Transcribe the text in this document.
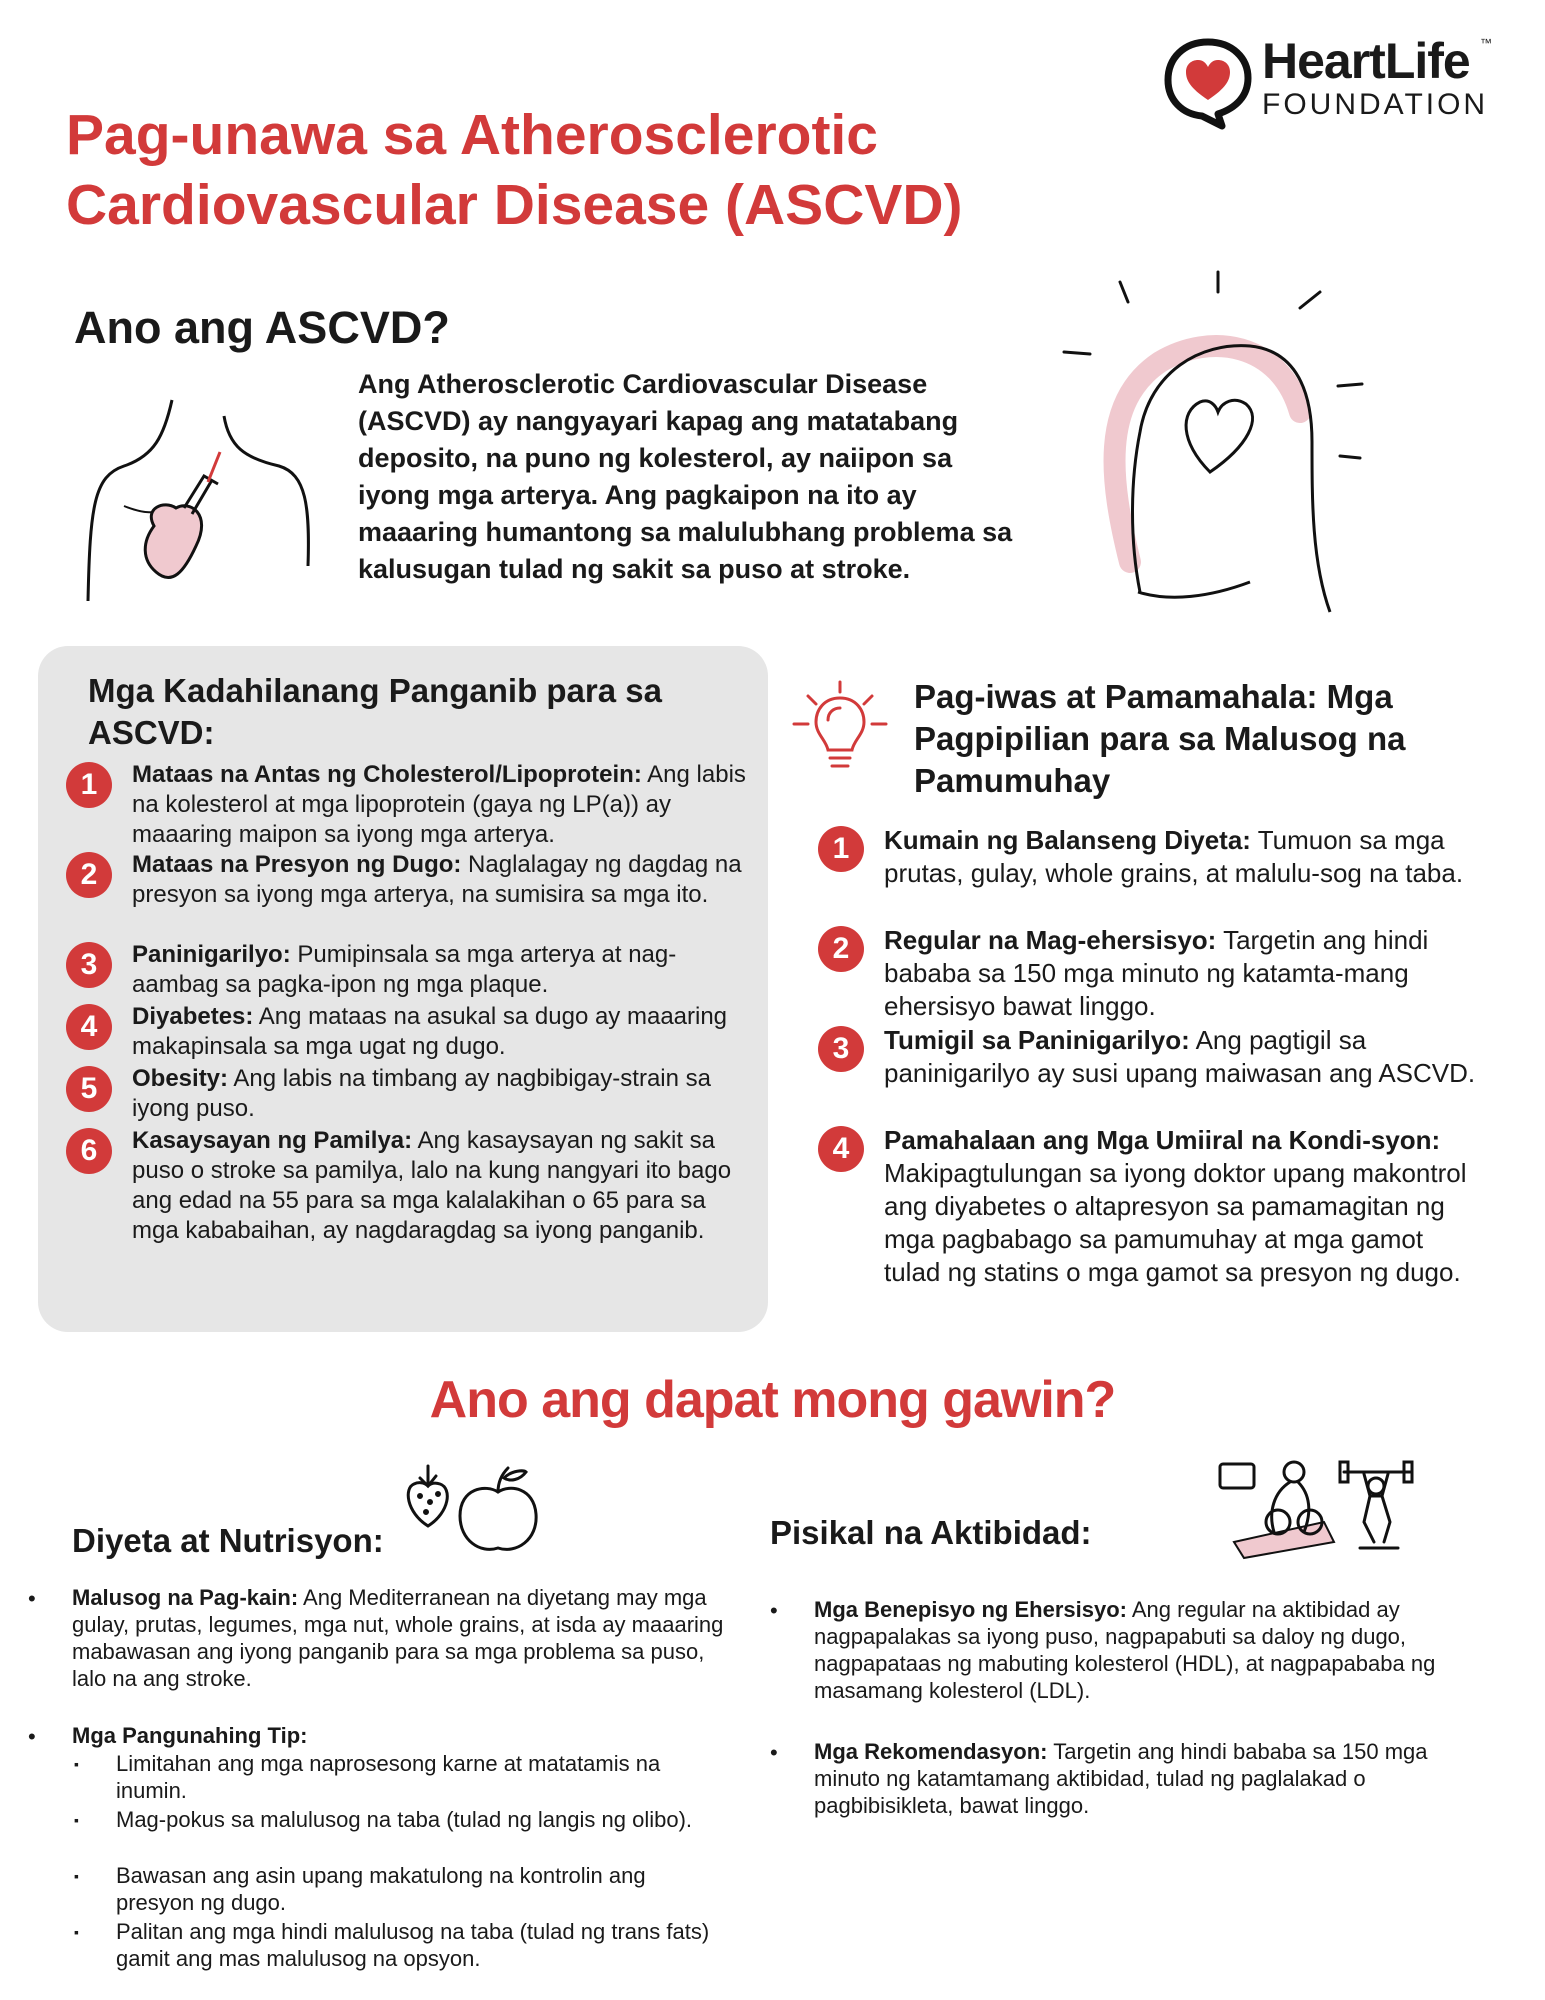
HeartLife ™
FOUNDATION
Pag-unawa sa Atherosclerotic
Cardiovascular Disease (ASCVD)
Ano ang ASCVD?

Ang Atherosclerotic Cardiovascular Disease (ASCVD) ay nangyayari kapag ang matatabang deposito, na puno ng kolesterol, ay naiipon sa iyong mga arterya. Ang pagkaipon na ito ay maaaring humantong sa malulubhang problema sa kalusugan tulad ng sakit sa puso at stroke.

Mga Kadahilanang Panganib para sa ASCVD:
1	Mataas na Antas ng Cholesterol/Lipoprotein: Ang labis na kolesterol at mga lipoprotein (gaya ng LP(a)) ay maaaring maipon sa iyong mga arterya.
2	Mataas na Presyon ng Dugo: Naglalagay ng dagdag na presyon sa iyong mga arterya, na sumisira sa mga ito.
3	Paninigarilyo: Pumipinsala sa mga arterya at nag-aambag sa pagka-ipon ng mga plaque.
4	Diyabetes: Ang mataas na asukal sa dugo ay maaaring makapinsala sa mga ugat ng dugo.
5	Obesity: Ang labis na timbang ay nagbibigay-strain sa iyong puso.
6	Kasaysayan ng Pamilya: Ang kasaysayan ng sakit sa puso o stroke sa pamilya, lalo na kung nangyari ito bago ang edad na 55 para sa mga kalalakihan o 65 para sa mga kababaihan, ay nagdaragdag sa iyong panganib.
Pag-iwas at Pamamahala: Mga Pagpipilian para sa Malusog na Pamumuhay
1	Kumain ng Balanseng Diyeta: Tumuon sa mga prutas, gulay, whole grains, at malulu-sog na taba.
2	Regular na Mag-ehersisyo: Targetin ang hindi bababa sa 150 mga minuto ng katamta-mang ehersisyo bawat linggo.
3	Tumigil sa Paninigarilyo: Ang pagtigil sa paninigarilyo ay susi upang maiwasan ang ASCVD.
4	Pamahalaan ang Mga Umiiral na Kondi-syon: Makipagtulungan sa iyong doktor upang makontrol ang diyabetes o altapresyon sa pamamagitan ng mga pagbabago sa pamumuhay at mga gamot tulad ng statins o mga gamot sa presyon ng dugo.
Ano ang dapat mong gawin?
Diyeta at Nutrisyon:
• Malusog na Pag-kain: Ang Mediterranean na diyetang may mga gulay, prutas, legumes, mga nut, whole grains, at isda ay maaaring mabawasan ang iyong panganib para sa mga problema sa puso, lalo na ang stroke.
• Mga Pangunahing Tip:
▪ Limitahan ang mga naprosesong karne at matatamis na inumin.
▪ Mag-pokus sa malulusog na taba (tulad ng langis ng olibo).
▪ Bawasan ang asin upang makatulong na kontrolin ang presyon ng dugo.
▪ Palitan ang mga hindi malulusog na taba (tulad ng trans fats) gamit ang mas malulusog na opsyon.
Pisikal na Aktibidad:
• Mga Benepisyo ng Ehersisyo: Ang regular na aktibidad ay nagpapalakas sa iyong puso, nagpapabuti sa daloy ng dugo, nagpapataas ng mabuting kolesterol (HDL), at nagpapababa ng masamang kolesterol (LDL).
• Mga Rekomendasyon: Targetin ang hindi bababa sa 150 mga minuto ng katamtamang aktibidad, tulad ng paglalakad o pagbibisikleta, bawat linggo.
